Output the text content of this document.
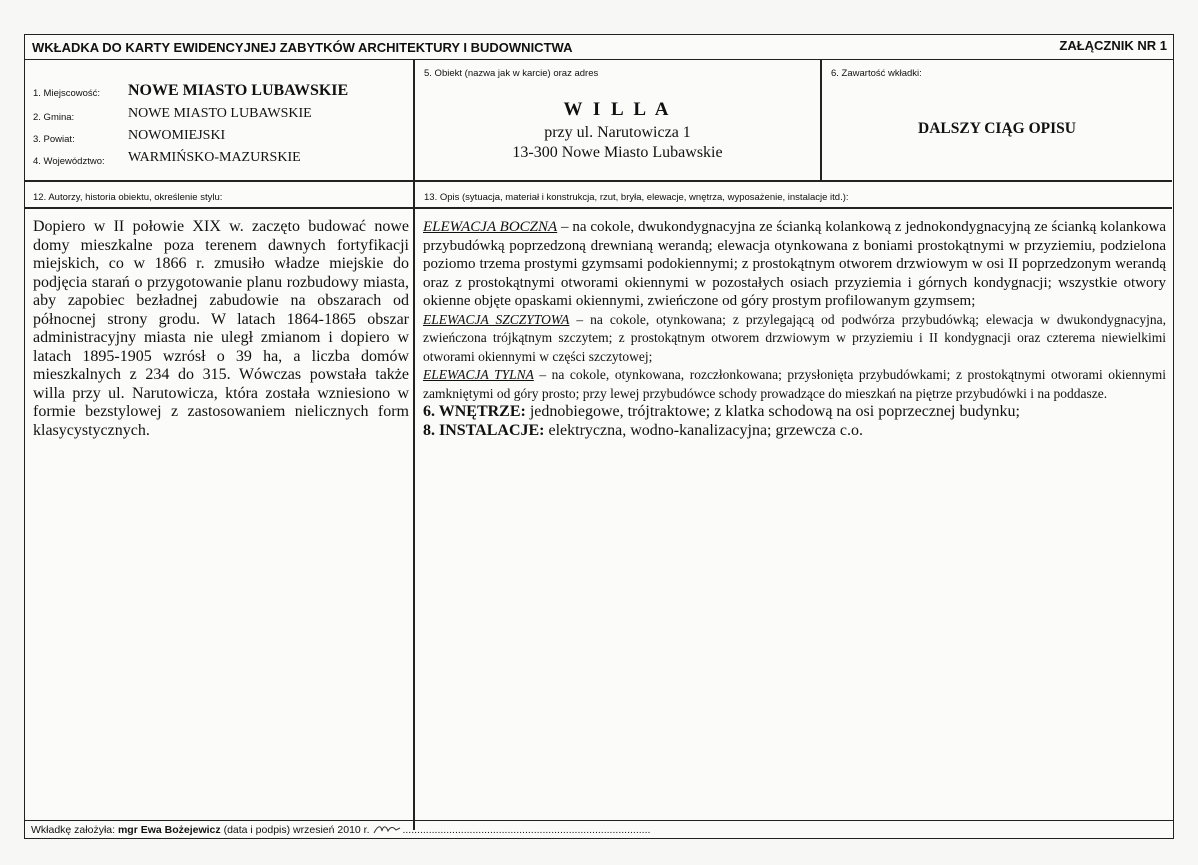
WKŁADKA DO KARTY EWIDENCYJNEJ ZABYTKÓW ARCHITEKTURY I BUDOWNICTWA	ZAŁĄCZNIK NR 1
1. Miejscowość: NOWE MIASTO LUBAWSKIE
2. Gmina:	NOWE MIASTO LUBAWSKIE
3. Powiat:	NOWOMIEJSKI
4. Województwo: WARMIŃSKO-MAZURSKIE
5. Obiekt (nazwa jak w karcie) oraz adres
W I L L A
przy ul. Narutowicza 1
13-300 Nowe Miasto Lubawskie
6. Zawartość wkładki:
DALSZY CIĄG OPISU
12. Autorzy, historia obiektu, określenie stylu:	13. Opis (sytuacja, materiał i konstrukcja, rzut, bryła, elewacje, wnętrza, wyposażenie, instalacje itd.):
Dopiero w II połowie XIX w. zaczęto budować nowe domy mieszkalne poza terenem dawnych fortyfikacji miejskich, co w 1866 r. zmusiło władze miejskie do podjęcia starań o przygotowanie planu rozbudowy miasta, aby zapobiec bezładnej zabudowie na obszarach od północnej strony grodu. W latach 1864-1865 obszar administracyjny miasta nie uległ zmianom i dopiero w latach 1895-1905 wzrósł o 39 ha, a liczba domów mieszkalnych z 234 do 315. Wówczas powstała także willa przy ul. Narutowicza, która została wzniesiono w formie bezstylowej z zastosowaniem nielicznych form klasycystycznych.

ELEWACJA BOCZNA – na cokole, dwukondygnacyjna ze ścianką kolankową z jednokondygnacyjną ze ścianką kolankowa przybudówką poprzedzoną drewnianą werandą; elewacja otynkowana z boniami prostokątnymi w przyziemiu, podzielona poziomo trzema prostymi gzymsami podokiennymi; z prostokątnym otworem drzwiowym w osi II poprzedzonym werandą oraz z prostokątnymi otworami okiennymi w pozostałych osiach przyziemia i górnych kondygnacji; wszystkie otwory okienne objęte opaskami okiennymi, zwieńczone od góry prostym profilowanym gzymsem;

ELEWACJA SZCZYTOWA – na cokole, otynkowana; z przylegającą od podwórza przybudówką; elewacja w dwukondygnacyjna, zwieńczona trójkątnym szczytem; z prostokątnym otworem drzwiowym w przyziemiu i II kondygnacji oraz czterema niewielkimi otworami okiennymi w części szczytowej;

ELEWACJA TYLNA – na cokole, otynkowana, rozczłonkowana; przysłonięta przybudówkami; z prostokątnymi otworami okiennymi zamkniętymi od góry prosto; przy lewej przybudówce schody prowadzące do mieszkań na piętrze przybudówki i na poddasze.

6. WNĘTRZE: jednobiegowe, trójtraktowe; z klatka schodową na osi poprzecznej budynku;

8. INSTALACJE: elektryczna, wodno-kanalizacyjna; grzewcza c.o.

Wkładkę założyła: mgr Ewa Bożejewicz (data i podpis) wrzesień 2010 r.	.....................................................................................
